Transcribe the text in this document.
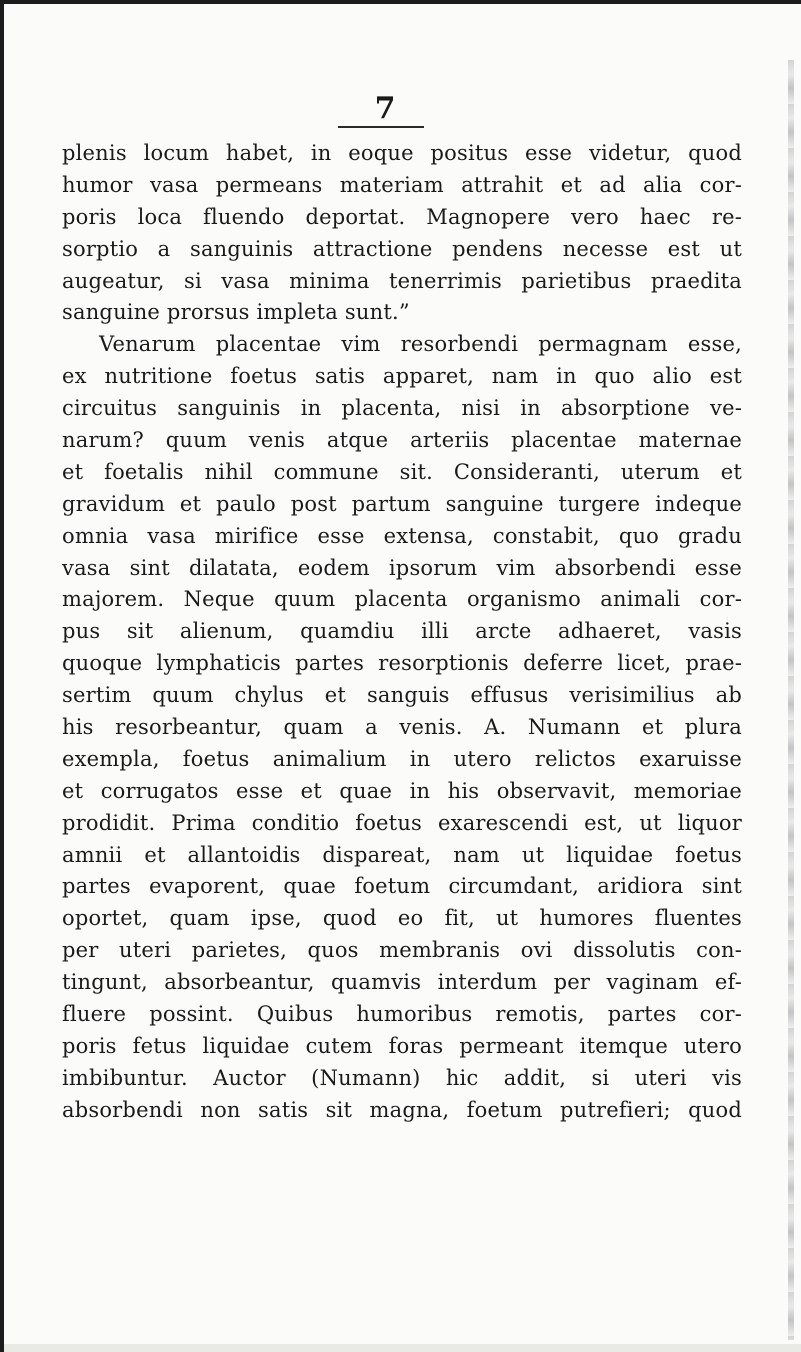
7
plenis locum habet, in eoque positus esse videtur, quod
humor vasa permeans materiam attrahit et ad alia cor-
poris loca fluendo deportat. Magnopere vero haec re-
sorptio a sanguinis attractione pendens necesse est ut
augeatur, si vasa minima tenerrimis parietibus praedita
sanguine prorsus impleta sunt.”
Venarum placentae vim resorbendi permagnam esse,
ex nutritione foetus satis apparet, nam in quo alio est
circuitus sanguinis in placenta, nisi in absorptione ve-
narum? quum venis atque arteriis placentae maternae
et foetalis nihil commune sit. Consideranti, uterum et
gravidum et paulo post partum sanguine turgere indeque
omnia vasa mirifice esse extensa, constabit, quo gradu
vasa sint dilatata, eodem ipsorum vim absorbendi esse
majorem. Neque quum placenta organismo animali cor-
pus sit alienum, quamdiu illi arcte adhaeret, vasis
quoque lymphaticis partes resorptionis deferre licet, prae-
sertim quum chylus et sanguis effusus verisimilius ab
his resorbeantur, quam a venis. A. Numann et plura
exempla, foetus animalium in utero relictos exaruisse
et corrugatos esse et quae in his observavit, memoriae
prodidit. Prima conditio foetus exarescendi est, ut liquor
amnii et allantoidis dispareat, nam ut liquidae foetus
partes evaporent, quae foetum circumdant, aridiora sint
oportet, quam ipse, quod eo fit, ut humores fluentes
per uteri parietes, quos membranis ovi dissolutis con-
tingunt, absorbeantur, quamvis interdum per vaginam ef-
fluere possint. Quibus humoribus remotis, partes cor-
poris fetus liquidae cutem foras permeant itemque utero
imbibuntur. Auctor (Numann) hic addit, si uteri vis
absorbendi non satis sit magna, foetum putrefieri; quod
